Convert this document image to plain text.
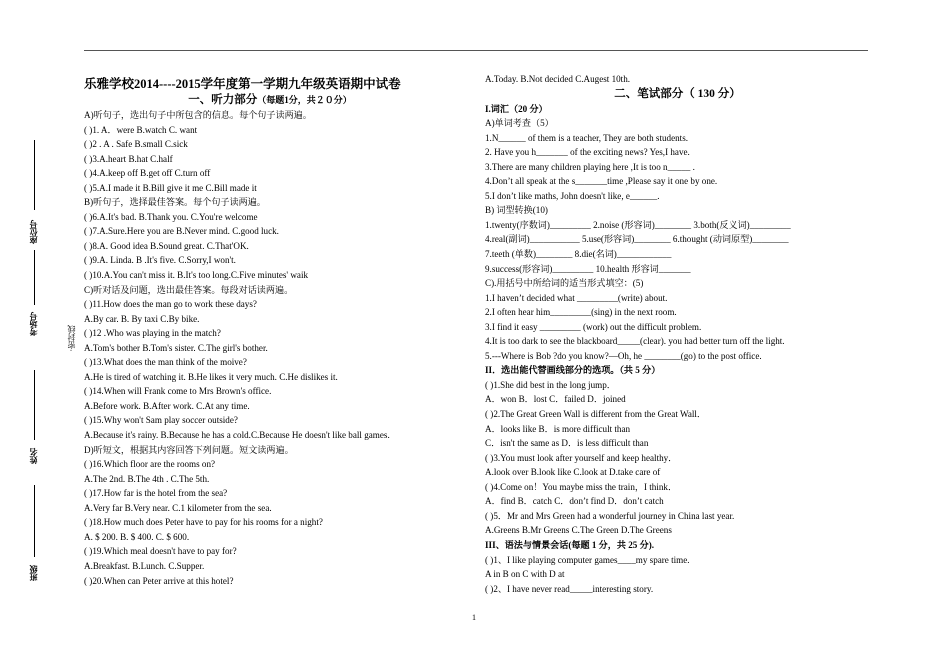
座位号
考场号
姓名
班级
·密封线
乐雅学校2014----2015学年度第一学期九年级英语期中试卷
一、听力部分（每题1分，共２０分）
A)听句子，选出句子中所包含的信息。每个句子读两遍。
( )1. A．were B.watch C. want
( )2 . A . Safe B.small C.sick
( )3.A.heart B.hat C.half
( )4.A.keep off B.get off C.turn off
( )5.A.I made it B.Bill give it me C.Bill made it
B)听句子，选择最佳答案。每个句子读两遍。
( )6.A.It's bad. B.Thank you. C.You're welcome
( )7.A.Sure.Here you are B.Never mind. C.good luck.
( )8.A. Good idea B.Sound great. C.That'OK.
( )9.A. Linda. B .It's five. C.Sorry,I won't.
( )10.A.You can't miss it. B.It's too long.C.Five minutes' waik
C)听对话及问题，选出最佳答案。每段对话读两遍。
( )11.How does the man go to work these days?
A.By car. B. By taxi C.By bike.
( )12 .Who was playing in the match?
A.Tom's bother B.Tom's sister. C.The girl's bother.
( )13.What does the man think of the moive?
A.He is tired of watching it. B.He likes it very much. C.He dislikes it.
( )14.When will Frank come to Mrs Brown's office.
A.Before work. B.After work. C.At any time.
( )15.Why won't Sam play soccer outside?
A.Because it's rainy. B.Because he has a cold.C.Because He doesn't like ball games.
D)听短文，根据其内容回答下列问题。短文读两遍。
( )16.Which floor are the rooms on?
A.The 2nd. B.The 4th . C.The 5th.
( )17.How far is the hotel from the sea?
A.Very far B.Very near. C.1 kilometer from the sea.
( )18.How much does Peter have to pay for his rooms for a night?
A. $ 200. B. $ 400. C. $ 600.
( )19.Which meal doesn't have to pay for?
A.Breakfast. B.Lunch. C.Supper.
( )20.When can Peter arrive at this hotel?
A.Today. B.Not decided C.Augest 10th.
二、笔试部分（ 130 分）
I.词汇（20 分）
A)单词考查（5）
1.N______ of them is a teacher, They are both students.
2. Have you h_______ of the exciting news? Yes,I have.
3.There are many children playing here ,It is too n_____ .
4.Don’t all speak at the s_______time ,Please say it one by one.
5.I don’t like maths, John doesn't like, e______.
B) 词型转换(10)
1.twenty(序数词)_________ 2.noise (形容词)________ 3.both(反义词)_________
4.real(副词)___________ 5.use(形容词)________ 6.thought (动词原型)________
7.teeth (单数)________ 8.die(名词)____________
9.success(形容词)_________ 10.health 形容词_______
C).用括号中所给词的适当形式填空：(5)
1.I haven’t decided what _________(write) about.
2.I often hear him_________(sing) in the next room.
3.I find it easy _________ (work) out the difficult problem.
4.It is too dark to see the blackboard_____(clear). you had better turn off the light.
5.---Where is Bob ?do you know?—Oh, he ________(go) to the post office.
II．选出能代替画线部分的选项。（共 5 分）
( )1.She did best in the long jump．
A．won B．lost C．failed D．joined
( )2.The Great Green Wall is different from the Great Wall．
A．looks like B．is more difficult than
C．isn't the same as D．is less difficult than
( )3.You must look after yourself and keep healthy．
A.look over B.look like C.look at D.take care of
( )4.Come on！You maybe miss the train，I think．
A．find B．catch C．don’t find D．don’t catch
( )5．Mr and Mrs Green had a wonderful journey in China last year.
A.Greens B.Mr Greens C.The Green D.The Greens
III、语法与情景会话(每题 1 分，共 25 分).
( )1、I like playing computer games____my spare time.
A in B on C with D at
( )2、I have never read_____interesting story.
1
